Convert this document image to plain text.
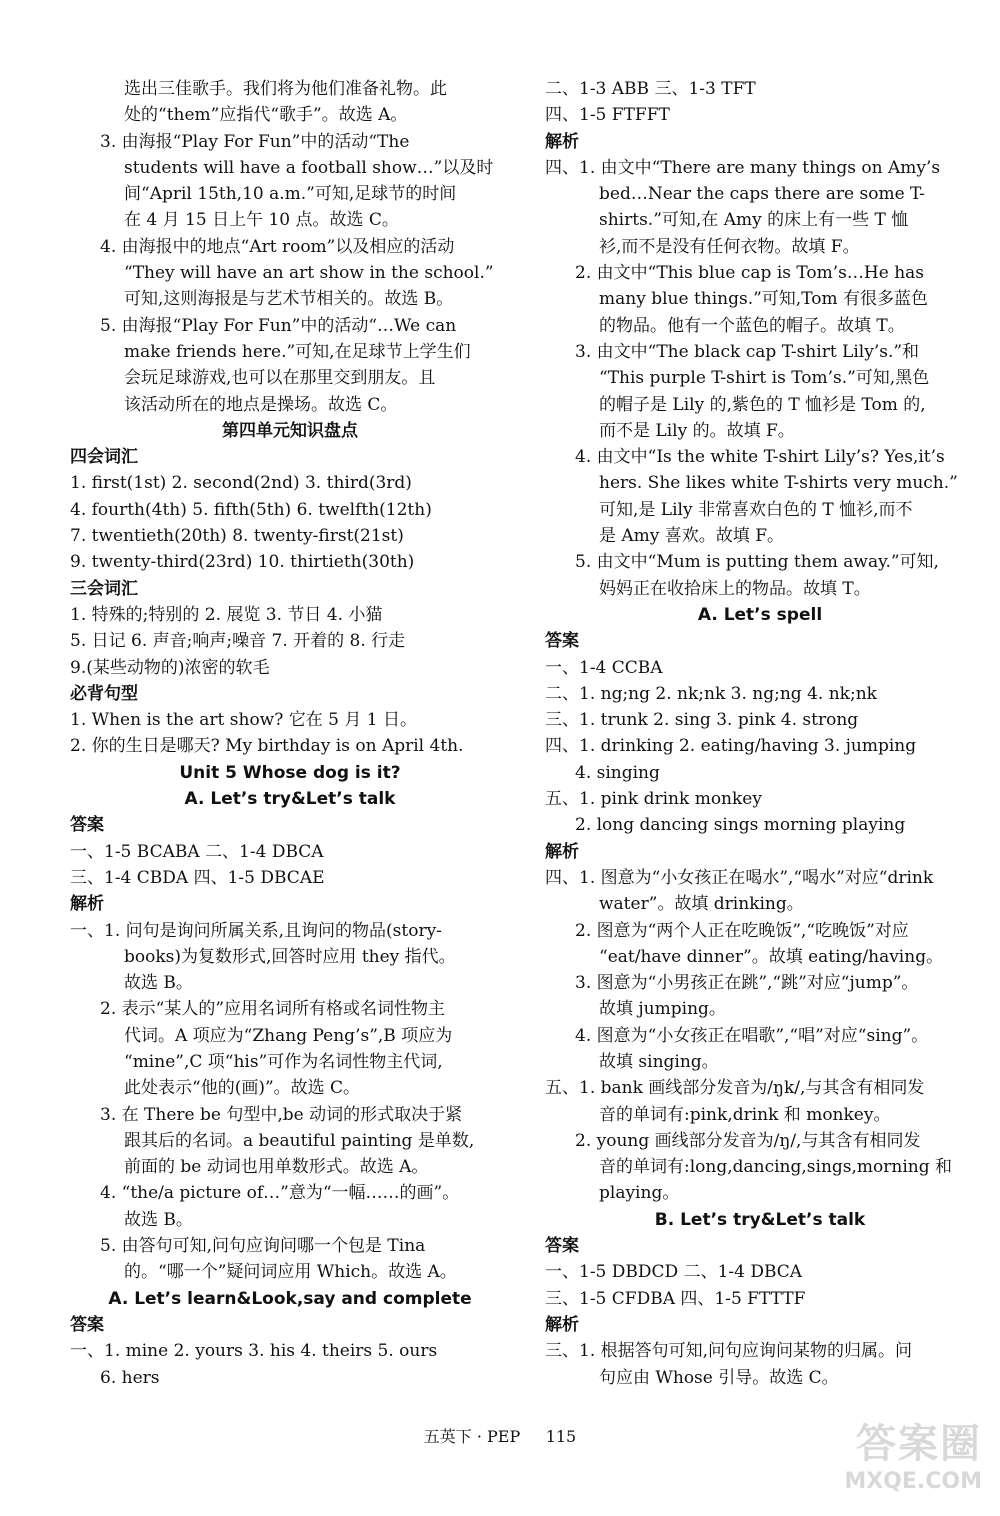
选出三佳歌手。我们将为他们准备礼物。此
处的“them”应指代“歌手”。故选 A。
3. 由海报“Play For Fun”中的活动“The
students will have a football show…”以及时
间“April 15th,10 a.m.”可知,足球节的时间
在 4 月 15 日上午 10 点。故选 C。
4. 由海报中的地点“Art room”以及相应的活动
“They will have an art show in the school.”
可知,这则海报是与艺术节相关的。故选 B。
5. 由海报“Play For Fun”中的活动“…We can
make friends here.”可知,在足球节上学生们
会玩足球游戏,也可以在那里交到朋友。且
该活动所在的地点是操场。故选 C。
第四单元知识盘点
四会词汇
1. first(1st) 2. second(2nd) 3. third(3rd)
4. fourth(4th) 5. fifth(5th) 6. twelfth(12th)
7. twentieth(20th) 8. twenty-first(21st)
9. twenty-third(23rd) 10. thirtieth(30th)
三会词汇
1. 特殊的;特别的 2. 展览 3. 节日 4. 小猫
5. 日记 6. 声音;响声;噪音 7. 开着的 8. 行走
9.(某些动物的)浓密的软毛
必背句型
1. When is the art show? 它在 5 月 1 日。
2. 你的生日是哪天? My birthday is on April 4th.
Unit 5 Whose dog is it?
A. Let’s try&Let’s talk
答案
一、1-5 BCABA 二、1-4 DBCA
三、1-4 CBDA 四、1-5 DBCAE
解析
一、1. 问句是询问所属关系,且询问的物品(story-
books)为复数形式,回答时应用 they 指代。
故选 B。
2. 表示“某人的”应用名词所有格或名词性物主
代词。A 项应为“Zhang Peng’s”,B 项应为
“mine”,C 项“his”可作为名词性物主代词,
此处表示“他的(画)”。故选 C。
3. 在 There be 句型中,be 动词的形式取决于紧
跟其后的名词。a beautiful painting 是单数,
前面的 be 动词也用单数形式。故选 A。
4. “the/a picture of…”意为“一幅……的画”。
故选 B。
5. 由答句可知,问句应询问哪一个包是 Tina
的。“哪一个”疑问词应用 Which。故选 A。
A. Let’s learn&Look,say and complete
答案
一、1. mine 2. yours 3. his 4. theirs 5. ours
6. hers
二、1-3 ABB 三、1-3 TFT
四、1-5 FTFFT
解析
四、1. 由文中“There are many things on Amy’s
bed…Near the caps there are some T-
shirts.”可知,在 Amy 的床上有一些 T 恤
衫,而不是没有任何衣物。故填 F。
2. 由文中“This blue cap is Tom’s…He has
many blue things.”可知,Tom 有很多蓝色
的物品。他有一个蓝色的帽子。故填 T。
3. 由文中“The black cap T-shirt Lily’s.”和
“This purple T-shirt is Tom’s.”可知,黑色
的帽子是 Lily 的,紫色的 T 恤衫是 Tom 的,
而不是 Lily 的。故填 F。
4. 由文中“Is the white T-shirt Lily’s? Yes,it’s
hers. She likes white T-shirts very much.”
可知,是 Lily 非常喜欢白色的 T 恤衫,而不
是 Amy 喜欢。故填 F。
5. 由文中“Mum is putting them away.”可知,
妈妈正在收拾床上的物品。故填 T。
A. Let’s spell
答案
一、1-4 CCBA
二、1. ng;ng 2. nk;nk 3. ng;ng 4. nk;nk
三、1. trunk 2. sing 3. pink 4. strong
四、1. drinking 2. eating/having 3. jumping
4. singing
五、1. pink drink monkey
2. long dancing sings morning playing
解析
四、1. 图意为“小女孩正在喝水”,“喝水”对应“drink
water”。故填 drinking。
2. 图意为“两个人正在吃晚饭”,“吃晚饭”对应
“eat/have dinner”。故填 eating/having。
3. 图意为“小男孩正在跳”,“跳”对应“jump”。
故填 jumping。
4. 图意为“小女孩正在唱歌”,“唱”对应“sing”。
故填 singing。
五、1. bank 画线部分发音为/ŋk/,与其含有相同发
音的单词有:pink,drink 和 monkey。
2. young 画线部分发音为/ŋ/,与其含有相同发
音的单词有:long,dancing,sings,morning 和
playing。
B. Let’s try&Let’s talk
答案
一、1-5 DBDCD 二、1-4 DBCA
三、1-5 CFDBA 四、1-5 FTTTF
解析
三、1. 根据答句可知,问句应询问某物的归属。问
句应由 Whose 引导。故选 C。
五英下 · PEP 115	答案圈
MXQE.COM
